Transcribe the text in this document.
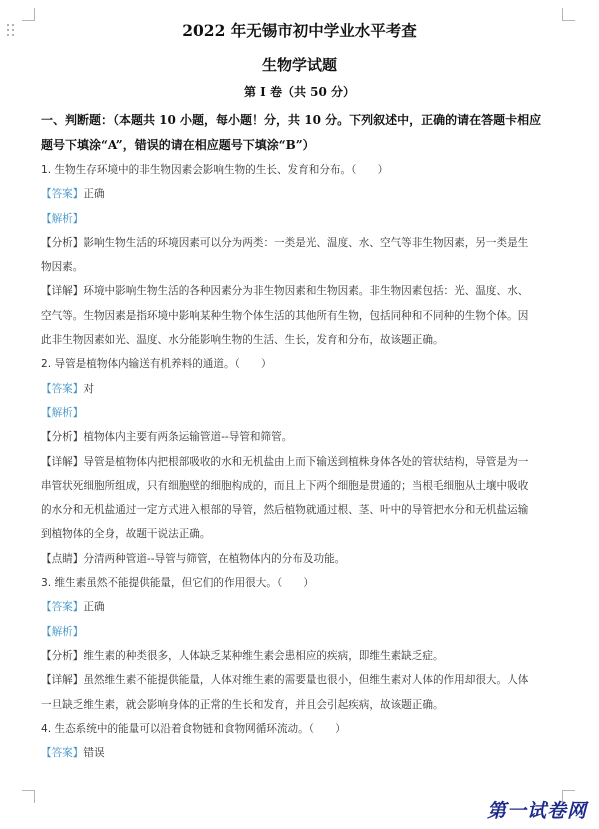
2022 年无锡市初中学业水平考查
生物学试题
第 I 卷（共 50 分）
一、判断题：（本题共 10 小题，每小题！分，共 10 分。下列叙述中，正确的请在答题卡相应
题号下填涂“A”，错误的请在相应题号下填涂“B”）
1. 生物生存环境中的非生物因素会影响生物的生长、发育和分布。（　　）
【答案】正确
【解析】
【分析】影响生物生活的环境因素可以分为两类：一类是光、温度、水、空气等非生物因素，另一类是生
物因素。
【详解】环境中影响生物生活的各种因素分为非生物因素和生物因素。非生物因素包括：光、温度、水、
空气等。生物因素是指环境中影响某种生物个体生活的其他所有生物，包括同种和不同种的生物个体。因
此非生物因素如光、温度、水分能影响生物的生活、生长，发育和分布，故该题正确。
2. 导管是植物体内输送有机养料的通道。（　　）
【答案】对
【解析】
【分析】植物体内主要有两条运输管道--导管和筛管。
【详解】导管是植物体内把根部吸收的水和无机盐由上而下输送到植株身体各处的管状结构，导管是为一
串管状死细胞所组成，只有细胞壁的细胞构成的，而且上下两个细胞是贯通的；当根毛细胞从土壤中吸收
的水分和无机盐通过一定方式进入根部的导管，然后植物就通过根、茎、叶中的导管把水分和无机盐运输
到植物体的全身，故题干说法正确。
【点睛】分清两种管道--导管与筛管，在植物体内的分布及功能。
3. 维生素虽然不能提供能量，但它们的作用很大。（　　）
【答案】正确
【解析】
【分析】维生素的种类很多，人体缺乏某种维生素会患相应的疾病，即维生素缺乏症。
【详解】虽然维生素不能提供能量，人体对维生素的需要量也很小，但维生素对人体的作用却很大。人体
一旦缺乏维生素，就会影响身体的正常的生长和发育，并且会引起疾病，故该题正确。
4. 生态系统中的能量可以沿着食物链和食物网循环流动。（　　）
【答案】错误
第一试卷网
